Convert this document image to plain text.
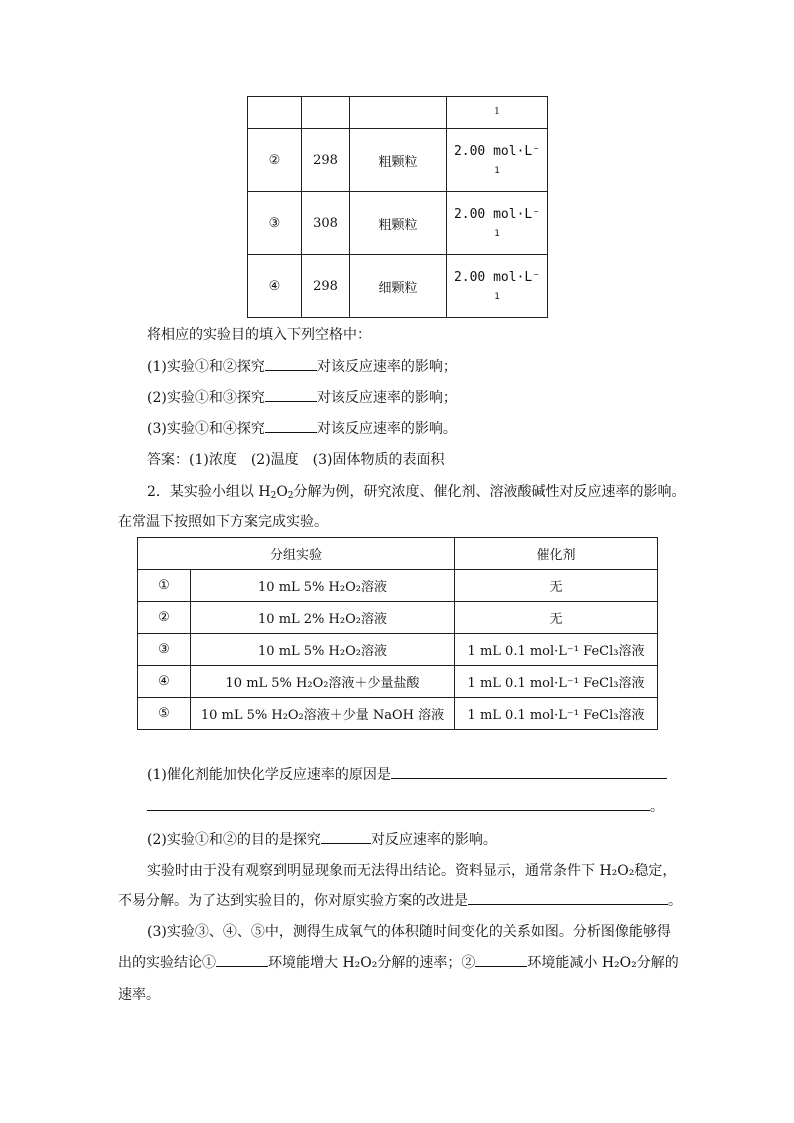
			1

②	298	粗颗粒	2.00 mol·L⁻
1

③	308	粗颗粒	2.00 mol·L⁻
1

④	298	细颗粒	2.00 mol·L⁻
1
将相应的实验目的填入下列空格中：
(1)实验①和②探究	对该反应速率的影响；
(2)实验①和③探究	对该反应速率的影响；
(3)实验①和④探究	对该反应速率的影响。
答案：(1)浓度　(2)温度　(3)固体物质的表面积
2．某实验小组以 $H_2O_2$分解为例，研究浓度、催化剂、溶液酸碱性对反应速率的影响。
在常温下按照如下方案完成实验。
分组实验		催化剂
①	10 mL 5% H₂O₂溶液	无
②	10 mL 2% H₂O₂溶液	无
③	10 mL 5% H₂O₂溶液	1 mL 0.1 mol·L⁻¹ FeCl₃溶液
④	10 mL 5% H₂O₂溶液＋少量盐酸	1 mL 0.1 mol·L⁻¹ FeCl₃溶液
⑤	10 mL 5% H₂O₂溶液＋少量 NaOH 溶液	1 mL 0.1 mol·L⁻¹ FeCl₃溶液
(1)催化剂能加快化学反应速率的原因是
。
(2)实验①和②的目的是探究	对反应速率的影响。
实验时由于没有观察到明显现象而无法得出结论。资料显示，通常条件下 H₂O₂稳定，
不易分解。为了达到实验目的，你对原实验方案的改进是	。
(3)实验③、④、⑤中，测得生成氧气的体积随时间变化的关系如图。分析图像能够得
出的实验结论①	环境能增大 H₂O₂分解的速率；②	环境能减小 H₂O₂分解的
速率。
